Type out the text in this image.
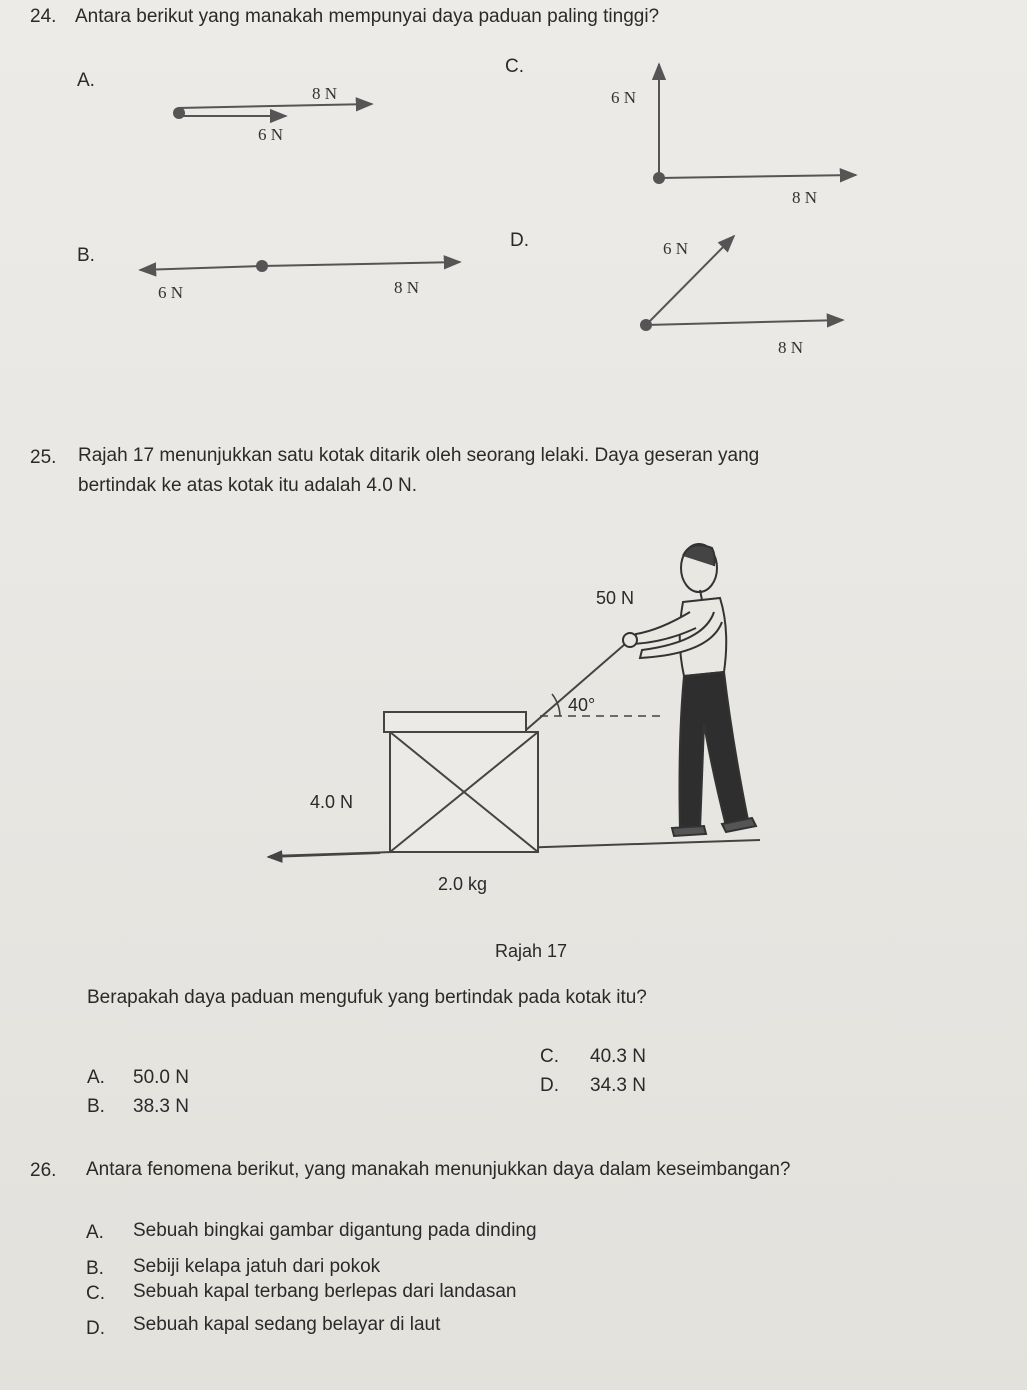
24. Antara berikut yang manakah mempunyai daya paduan paling tinggi?
A.
8 N
6 N
6 N	8 N
6 N
8 N
6 N
8 N
B.
C.
D.
25. Rajah 17 menunjukkan satu kotak ditarik oleh seorang lelaki. Daya geseran yang
bertindak ke atas kotak itu adalah 4.0 N.
50 N
40°
4.0 N
2.0 kg
Rajah 17
Berapakah daya paduan mengufuk yang bertindak pada kotak itu?
A. 50.0 N
B. 38.3 N
C. 40.3 N
D. 34.3 N
26. Antara fenomena berikut, yang manakah menunjukkan daya dalam keseimbangan?
A. Sebuah bingkai gambar digantung pada dinding
B. Sebiji kelapa jatuh dari pokok
C. Sebuah kapal terbang berlepas dari landasan
D. Sebuah kapal sedang belayar di laut
